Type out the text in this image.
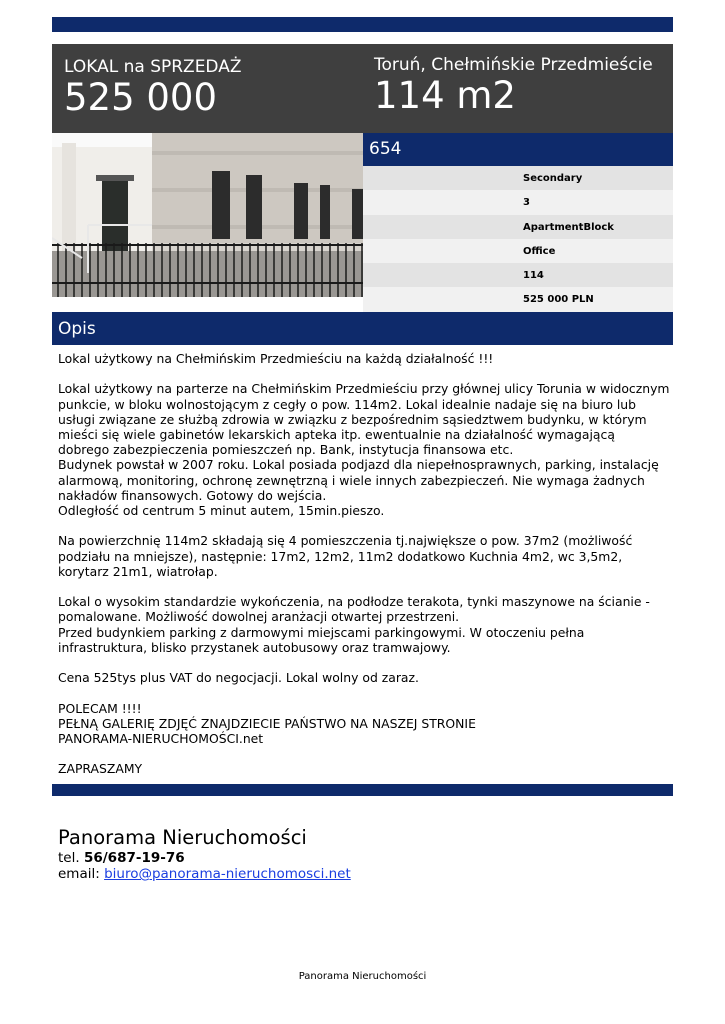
LOKAL na SPRZEDAŻ
525 000
Toruń, Chełmińskie Przedmieście
114 m2
654
Secondary
3
ApartmentBlock
Office
114
525 000 PLN
Opis
Lokal użytkowy na Chełmińskim Przedmieściu na każdą działalność !!!

Lokal użytkowy na parterze na Chełmińskim Przedmieściu przy głównej ulicy Torunia w widocznym punkcie, w bloku wolnostojącym z cegły o pow. 114m2. Lokal idealnie nadaje się na biuro lub usługi związane ze służbą zdrowia w związku z bezpośrednim sąsiedztwem budynku, w którym mieści się wiele gabinetów lekarskich apteka itp. ewentualnie na działalność wymagającą dobrego zabezpieczenia pomieszczeń np. Bank, instytucja finansowa etc.
Budynek powstał w 2007 roku. Lokal posiada podjazd dla niepełnosprawnych, parking, instalację alarmową, monitoring, ochronę zewnętrzną i wiele innych zabezpieczeń. Nie wymaga żadnych nakładów finansowych. Gotowy do wejścia.
Odległość od centrum 5 minut autem, 15min.pieszo.

Na powierzchnię 114m2 składają się 4 pomieszczenia tj.największe o pow. 37m2 (możliwość podziału na mniejsze), następnie: 17m2, 12m2, 11m2 dodatkowo Kuchnia 4m2, wc 3,5m2, korytarz 21m1, wiatrołap.

Lokal o wysokim standardzie wykończenia, na podłodze terakota, tynki maszynowe na ścianie - pomalowane. Możliwość dowolnej aranżacji otwartej przestrzeni.
Przed budynkiem parking z darmowymi miejscami parkingowymi. W otoczeniu pełna infrastruktura, blisko przystanek autobusowy oraz tramwajowy.

Cena 525tys plus VAT do negocjacji. Lokal wolny od zaraz.

POLECAM !!!!
PEŁNĄ GALERIĘ ZDJĘĆ ZNAJDZIECIE PAŃSTWO NA NASZEJ STRONIE
PANORAMA-NIERUCHOMOŚCI.net

ZAPRASZAMY
Panorama Nieruchomości
tel. 56/687-19-76
email: biuro@panorama-nieruchomosci.net
Panorama Nieruchomości
